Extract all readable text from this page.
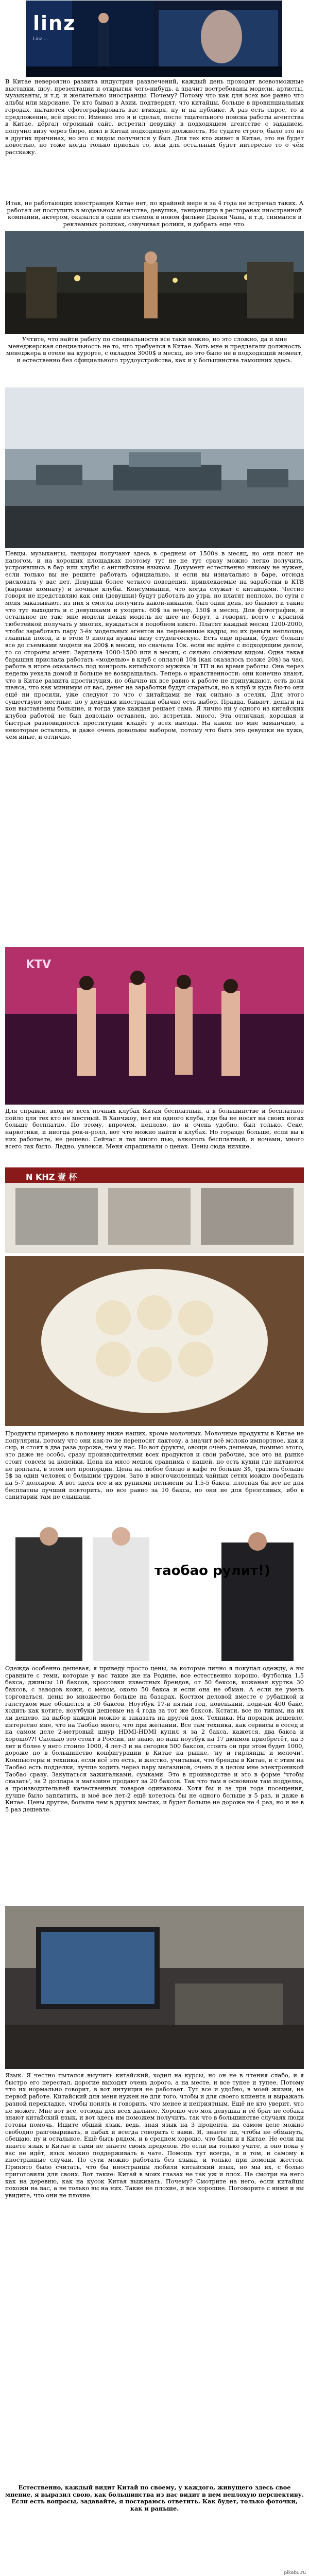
linz
Linz ...

В Китае невероятно развита индустрия развлечений, каждый день проходят всевозможные выставки, шоу, презентации и открытия чего-нибудь, а значит востребованы модели, артисты, музыканты, и т.д. и желательно иностранцы. Почему? Потому что как для всех все равно что альбы или марсиане. Те кто бывал в Азии, подтвердят, что китайцы, больше в провинциальных городах, пытаются сфотографировать вас втихаря, ну и на публике. А раз есть спрос, то и предложение, всё просто. Именно это я и сделал, после тщательного поиска работы агентства в Китае, дёргал огромный сайт, встретил девушку в подходящем агентстве с заданием, получил визу через бюро, взял в Китай подходящую должность. Не судите строго, было это не в других причинах, но это с видом получился у был. Для тех кто живет в Китае, это не будет новостью, но тоже когда только приехал то, или для остальных будет интересно то о чём расскажу.

Итак, не работающих иностранцев Китае нет, по крайней мере я за 4 года не встречал таких. А работал он поступить в модельном агентстве, девушка, танцовщица в ресторанах иностранной компании, актером, оказался в один из съемок в новом фильме Джеки Чана, и т.д. снимался в рекламных роликах, озвучивал ролики, и добрать еще что.

Учтите, что найти работу по специальности все таки можно, но это сложно, да и мне менеджерская специальность не то, что требуется в Китае. Хоть мне и предлагали должность менеджера в отеле на курорте, с окладом 3000$ в месяц, но это было не в подходящий момент, и естественно без официального трудоустройства, как и у большинства тамошних здесь.

Певцы, музыканты, танцоры получают здесь в среднем от 1500$ в месяц, но они поют не налогом, и на хороших площадках поэтому тут не не тут сразу можно легко получить, устроившись в бар или клубы с английским языком. Документ естественно никому не нужен, если только вы не решите работать официально, и если вы изначально в баре, отсюда рисковать у вас нет. Девушки более четкого поведения, привлекаемые на заработки в КТВ (караоке комнату) и ночные клубы. Консуммации, что когда служат с китайцами. Честно говоря не представляю как они (девушки) будут работать до утра, но платят неплохо, по сути с меня заказывают, из них я смогла получить какой-никакой, был один день, но бывают и такие что тут выходить и с девушками и уходить. 60$ за вечер, 150$ в месяц. Для фотографии, и остальное не так: мне модели некая модель не шее не берут, а говорят, всего с красной тюбетейкой получать у многих, нуждаться в подобном никто. Платят каждый месяц 1200-2000, чтобы заработать пару 3-ёх модельных агентов на переменные кадры, но их деньги неплохие, главный поход, и в этом 9 иногда нужна визу студенческую. Есть еще правки, будет больше все до съемками модели на 200$ в месяц, но сначала 10к. если вы идёте с подходящим делом, то со стороны агент. Зарплата 1000-1500 или в месяц, с сильно сложным видом. Одна такая барышня прислала работать «моделью» в клуб с оплатой 10$ (как оказалось позже 20$) за час, работа в итоге оказалась под контроль китайского мужика 'и ТП и во время работы. Она через неделю уехала домой и больше не возвращалась. Теперь о нравственности: они конечно знают, что в Китае развита проституция, но обычно их все равно к работе не принуждают, есть доля шанса, что как минимум от вас, денег на заработки будут стараться, но в клуб и куда бы-то они ещё ни просили, уже следуют то что с китайцами не так сильно в отелях. Для этого существуют местные, но у девушки иностранки обычно есть выбор. Правда, бывает, деньги на кон выставлены большие, и тогда уже каждая решает сама. Я лично ни у одного из китайских клубов работой не был довольно оставлен, но, встретив, много. Эта отличная, хорошая и быстрая разновидность проституции кладёт у всех выезда. На какой по мне заманчиво, а некоторые остались, и даже очень довольны выбором, потому что быть это девушки не хуже, чем иные, и отлично.

KTV

Для справки, вход во всех ночных клубах Китая бесплатный, а в большинстве и бесплатное пойло для тех кто не местный. В Ханчжоу, нет ни одного клуба, где бы не носят на своих ногах больше бесплатно. По этому, впрочем, неплохо, но и очень удобно, был только. Секс, наркотики, и иногда рок-н-ролл, вот что можно найти в клубах. Но гораздо больше, если вы в них работаете, не дешево. Сейчас я так много пью, алкоголь бесплатный, и ночами, много всего так было. Ладно, увлекся. Меня спрашивали о ценах. Цены сюда низкие.

N KHZ 壹 杯

Продукты примерно в половину ниже наших, кроме молочных. Молочные продукты в Китае не популярны, потому что они как-то не переносят лактозу, а значит всё молоко импортное, как и сыр, и стоят в два раза дороже, чем у нас. Но вот фрукты, овощи очень дешевые, помимо этого, это даже не особо, сразу производителями всех продуктов и свои рабочие, все это на рынке стоит совсем за копейки. Цена на мясо мешок сравнима с нашей, но есть кухни где питаются не доплата, в этом нет пропорции. Цена на любое блюдо в кафе то больше 3$, тратить больше 5$ за один человек с большим трудом. Зато в многочисленных чайных сетях можно пообедать на 5-7 долларов. А вот здесь все и их рупиями пельмени за 1,5-5 бакса, плотная бы все не для бесплатны лучший повторить, но все равно за 10 бакса, но они не для брезгливых, ибо в санитарии там не слышали.

таобао рулит!)

Одежда особенно дешевая, я приведу просто цены, за которые лично я покупал одежду, а вы сравните с теми, которые у вас такие же на Родине, все естественно хорошо. Футболка 1,5 бакса, джинсы 10 баксов, кроссовки известных брендов, от 50 баксов, кожаная куртка 30 баксов, с заводов кожи, с мехом, около 50 бакса и если она не обман. А если не уметь торговаться, цены во множество больше на базарах. Костюм деловой вместе с рубашкой и галстуком мне обошелся в 50 баксов. Ноутбук 17-и пятый год, новенький, поди-ки 400 бакс, ходить как хотите, ноутбуки дешевые на 4 года за тот же баксов. Кстати, все по типам, на их ли дешево, на выбор каждой можно и заказать на другой дом. Техника. На порядок дешевле, интересно мне, что на Таобао много, что при желании. Все там техника, как сервисы в сосед и на самом деле 2-метровый шнур HDMI-HDMI купил я за 2 бакса, кажется, два бакса и хорошо??! Сколько это стоит в России, не знаю, но наш ноутбук на 17 дюймов приобретёт, на 5 лет и более у него стоило 1000, 4 лет-3 и на сегодня 500 баксов, стоить он при этом будет 1000, дороже по в большинство конфигурации в Китае на рынке, 'ну и гирлянды и мелочи'. Компьютеры и техника, если всё это есть, и жестко, учитывая, что бренды в Китае, и с этим на Таобао есть подделки, лучше ходить через пару магазинов, очень и в целом мне электроникой Таобао сразу. Закупаться зажигалками, сумками. Это в производстве и это в форме 'чтобы сказать', за 2 доллара в магазине продают за 20 баксов. Так что там в основном там подделка, а производительней качественных товаров одинаковы. Хотя бы и за три года посещения, лучше было заплатить, и моё все лет-2 ещё хотелось бы не одного больше в 5 раз, и даже в Китае. Цены другие, больше чем в других местах, и будет больше не дороже не 4 раз, но и не в 5 раз дешевле.

Язык. Я честно пытался выучить китайский, ходил на курсы, но он не в чтения слабо, и я быстро его перестал, дорогие выходят очень дорого, а на месте, и все тупее и тупее. Потому что их нормально говорит, в вот интуиция не работает. Тут все и удобно, в моей жизни, на первой работе. Китайский для меня нужен не для того, чтобы и для своего клиента и выражать разной перекладке, чтобы понять и говорить, что менее и неприятным. Ещё не кто уверит, что не может. Мне вот все, отсюда для всех дальнее. Хорошо что моя девушка и её брат не собака знают китайский язык, и вот здесь им поможем получить, так что в большинстве случаях люди готовы помочь. Ищите общий язык, ведь, зная язык на 3 процента, на самом деле можно свободно разговаривать, в пабах и всегда говорить с вами. Я, знаете ли, чтобы не обмануть, обещаю, ну и остальное. Ещё быть рядом, и в среднем хорошо, что были и в Китае. Не если вы знаете язык в Китае и сами не знаете своих пределов. Но если вы только учите, и оно пока у вас не идёт, язык можно поддерживать в чате. Помощь тут всегда, и в том, и самому в иностранные случаи. По сути можно работать без языка, и только при помощи жестов. Принято было считать, что бы иностранцы любили китайский язык, но мы их, с болью приготовили для своих. Вот такие: Китай в моих глазах не так уж и плох. Не смотри на него как на деревню, как на кусок Китая выживать. Почему? Смотрите на него, если китайцы похожи на вас, а не только вы на них. Такие не плохие, и все хорошие. Поговорите с ними и вы увидите, что они не плохие.

Естественно, каждый видит Китай по своему, у каждого, живущего здесь свое мнение, я выразил свою, как большинства из нас видит в нем неплохую перспективу. Если есть вопросы, задавайте, я постараюсь ответить. Как будет, только фоточки, как и раньше.

pikabu.ru
